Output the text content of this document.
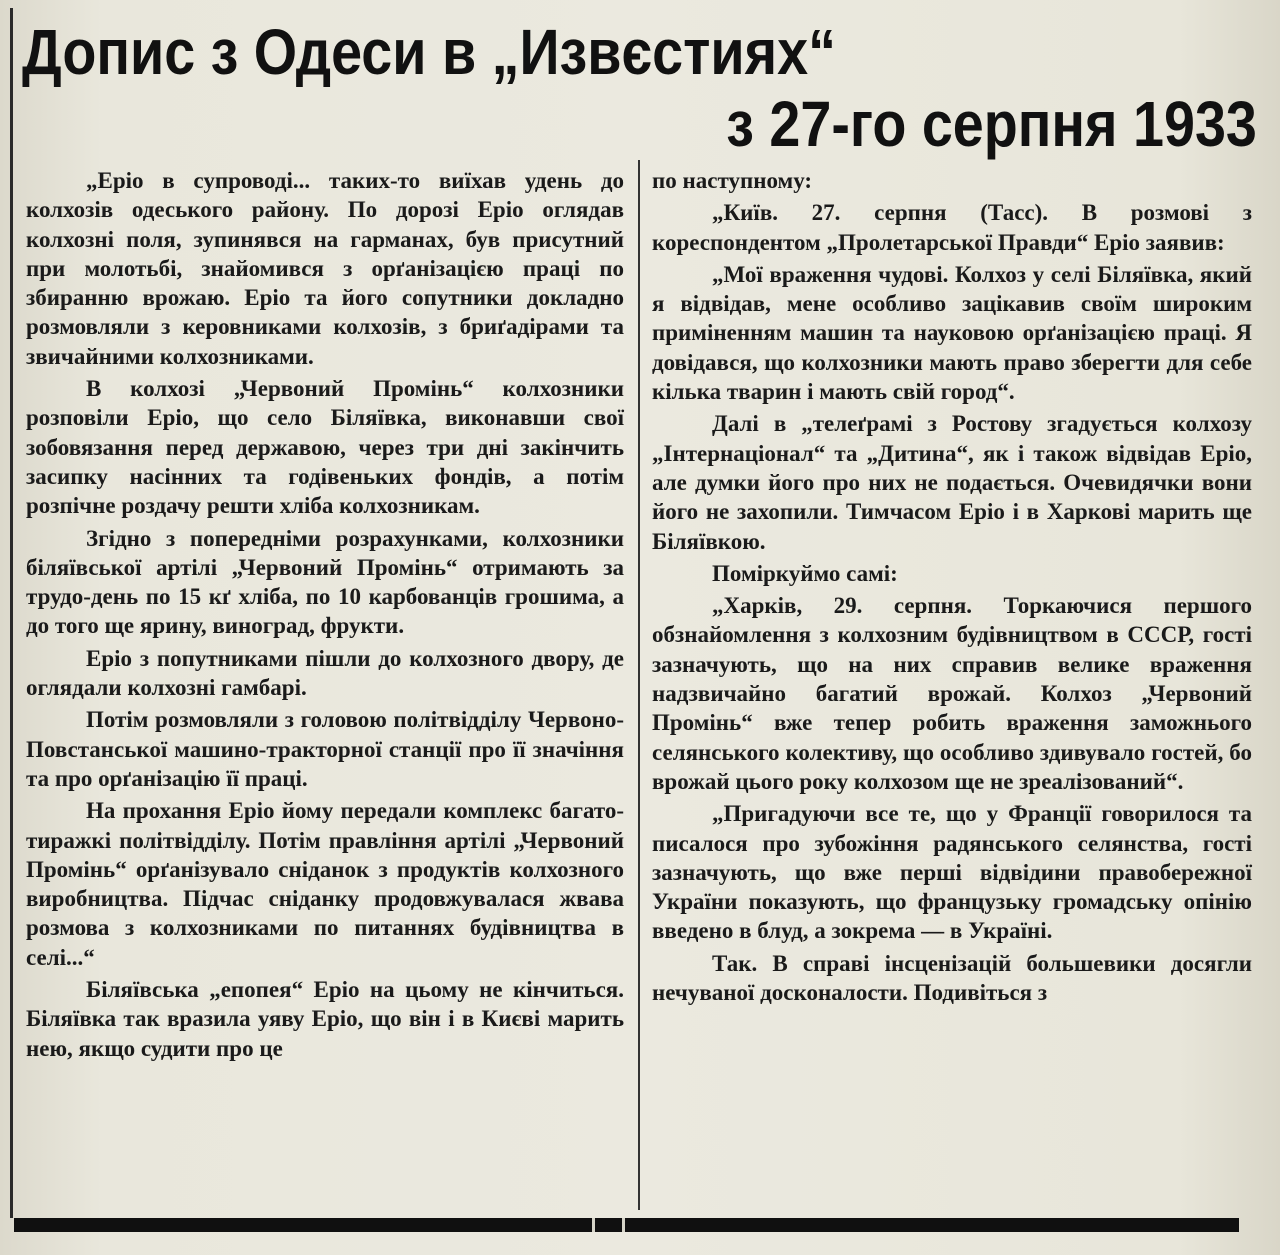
Допис з Одеси в „Извєстиях“
з 27-го серпня 1933

„Еріо в супроводі... таких-то виїхав удень до колхозів одеського району. По дорозі Еріо оглядав колхозні поля, зупинявся на гарманах, був присутний при молотьбі, знайомився з орґанізацією праці по збиранню врожаю. Еріо та його сопутники докладно розмовляли з керовниками колхозів, з бриґадірами та звичайними колхозниками.

В колхозі „Червоний Промінь“ колхозники розповіли Еріо, що село Біляївка, виконавши свої зобовязання перед державою, через три дні закінчить засипку насінних та годівеньких фондів, а потім розпічне роздачу решти хліба колхозникам.

Згідно з попередніми розрахунками, колхозники біляївської артілі „Червоний Промінь“ отримають за трудо-день по 15 кґ хліба, по 10 карбованців грошима, а до того ще ярину, виноград, фрукти.

Еріо з попутниками пішли до колхозного двору, де оглядали колхозні гамбарі.

Потім розмовляли з головою політвідділу Червоно-Повстанської машино-тракторної станції про її значіння та про орґанізацію її праці.

На прохання Еріо йому передали комплекс багато-тиражкі політвідділу. Потім правління артілі „Червоний Промінь“ орґанізувало сніданок з продуктів колхозного виробництва. Підчас сніданку продовжувалася жвава розмова з колхозниками по питаннях будівництва в селі...“

Біляївська „епопея“ Еріо на цьому не кінчиться. Біляївка так вразила уяву Еріо, що він і в Києві марить нею, якщо судити про це

по наступному:

„Київ. 27. серпня (Тасс). В розмові з кореспондентом „Пролетарської Правди“ Еріо заявив:

„Мої враження чудові. Колхоз у селі Біляївка, який я відвідав, мене особливо зацікавив своїм широким приміненням машин та науковою орґанізацією праці. Я довідався, що колхозники мають право зберегти для себе кілька тварин і мають свій город“.

Далі в „телеґрамі з Ростову згадується колхозу „Інтернаціонал“ та „Дитина“, як і також відвідав Еріо, але думки його про них не подається. Очевидячки вони його не захопили. Тимчасом Еріо і в Харкові марить ще Біляївкою.

Поміркуймо самі:

„Харків, 29. серпня. Торкаючися першого обзнайомлення з колхозним будівництвом в СССР, гості зазначують, що на них справив велике враження надзвичайно багатий врожай. Колхоз „Червоний Промінь“ вже тепер робить враження заможнього селянського колективу, що особливо здивувало гостей, бо врожай цього року колхозом ще не зреалізований“.

„Пригадуючи все те, що у Франції говорилося та писалося про зубожіння радянського селянства, гості зазначують, що вже перші відвідини правобережної України показують, що французьку громадську опінію введено в блуд, а зокрема — в Україні.

Так. В справі інсценізацій большевики досягли нечуваної досконалости. Подивіться з
